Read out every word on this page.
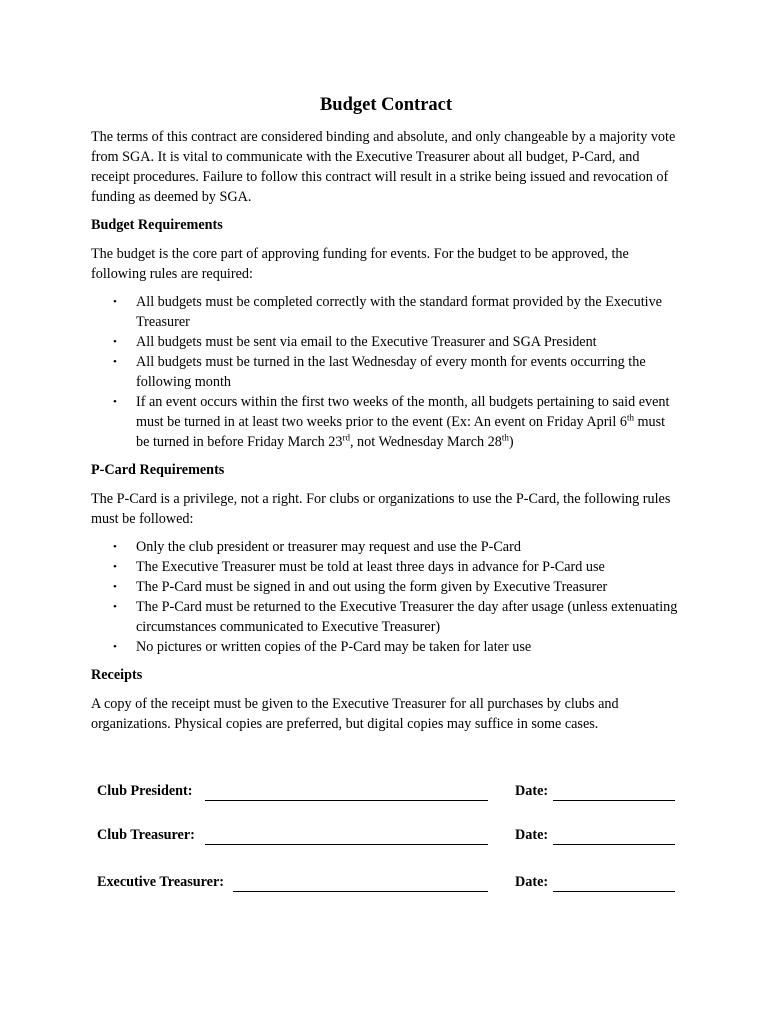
Budget Contract

The terms of this contract are considered binding and absolute, and only changeable by a majority vote from SGA. It is vital to communicate with the Executive Treasurer about all budget, P-Card, and receipt procedures. Failure to follow this contract will result in a strike being issued and revocation of funding as deemed by SGA.

Budget Requirements

The budget is the core part of approving funding for events. For the budget to be approved, the following rules are required:

• All budgets must be completed correctly with the standard format provided by the Executive Treasurer
• All budgets must be sent via email to the Executive Treasurer and SGA President
• All budgets must be turned in the last Wednesday of every month for events occurring the following month
• If an event occurs within the first two weeks of the month, all budgets pertaining to said event must be turned in at least two weeks prior to the event (Ex: An event on Friday April 6th must be turned in before Friday March 23rd, not Wednesday March 28th)
P-Card Requirements

The P-Card is a privilege, not a right. For clubs or organizations to use the P-Card, the following rules must be followed:

• Only the club president or treasurer may request and use the P-Card
• The Executive Treasurer must be told at least three days in advance for P-Card use
• The P-Card must be signed in and out using the form given by Executive Treasurer
• The P-Card must be returned to the Executive Treasurer the day after usage (unless extenuating circumstances communicated to Executive Treasurer)
• No pictures or written copies of the P-Card may be taken for later use
Receipts

A copy of the receipt must be given to the Executive Treasurer for all purchases by clubs and organizations. Physical copies are preferred, but digital copies may suffice in some cases.

Club President:	Date:
Club Treasurer:	Date:
Executive Treasurer:	Date:
